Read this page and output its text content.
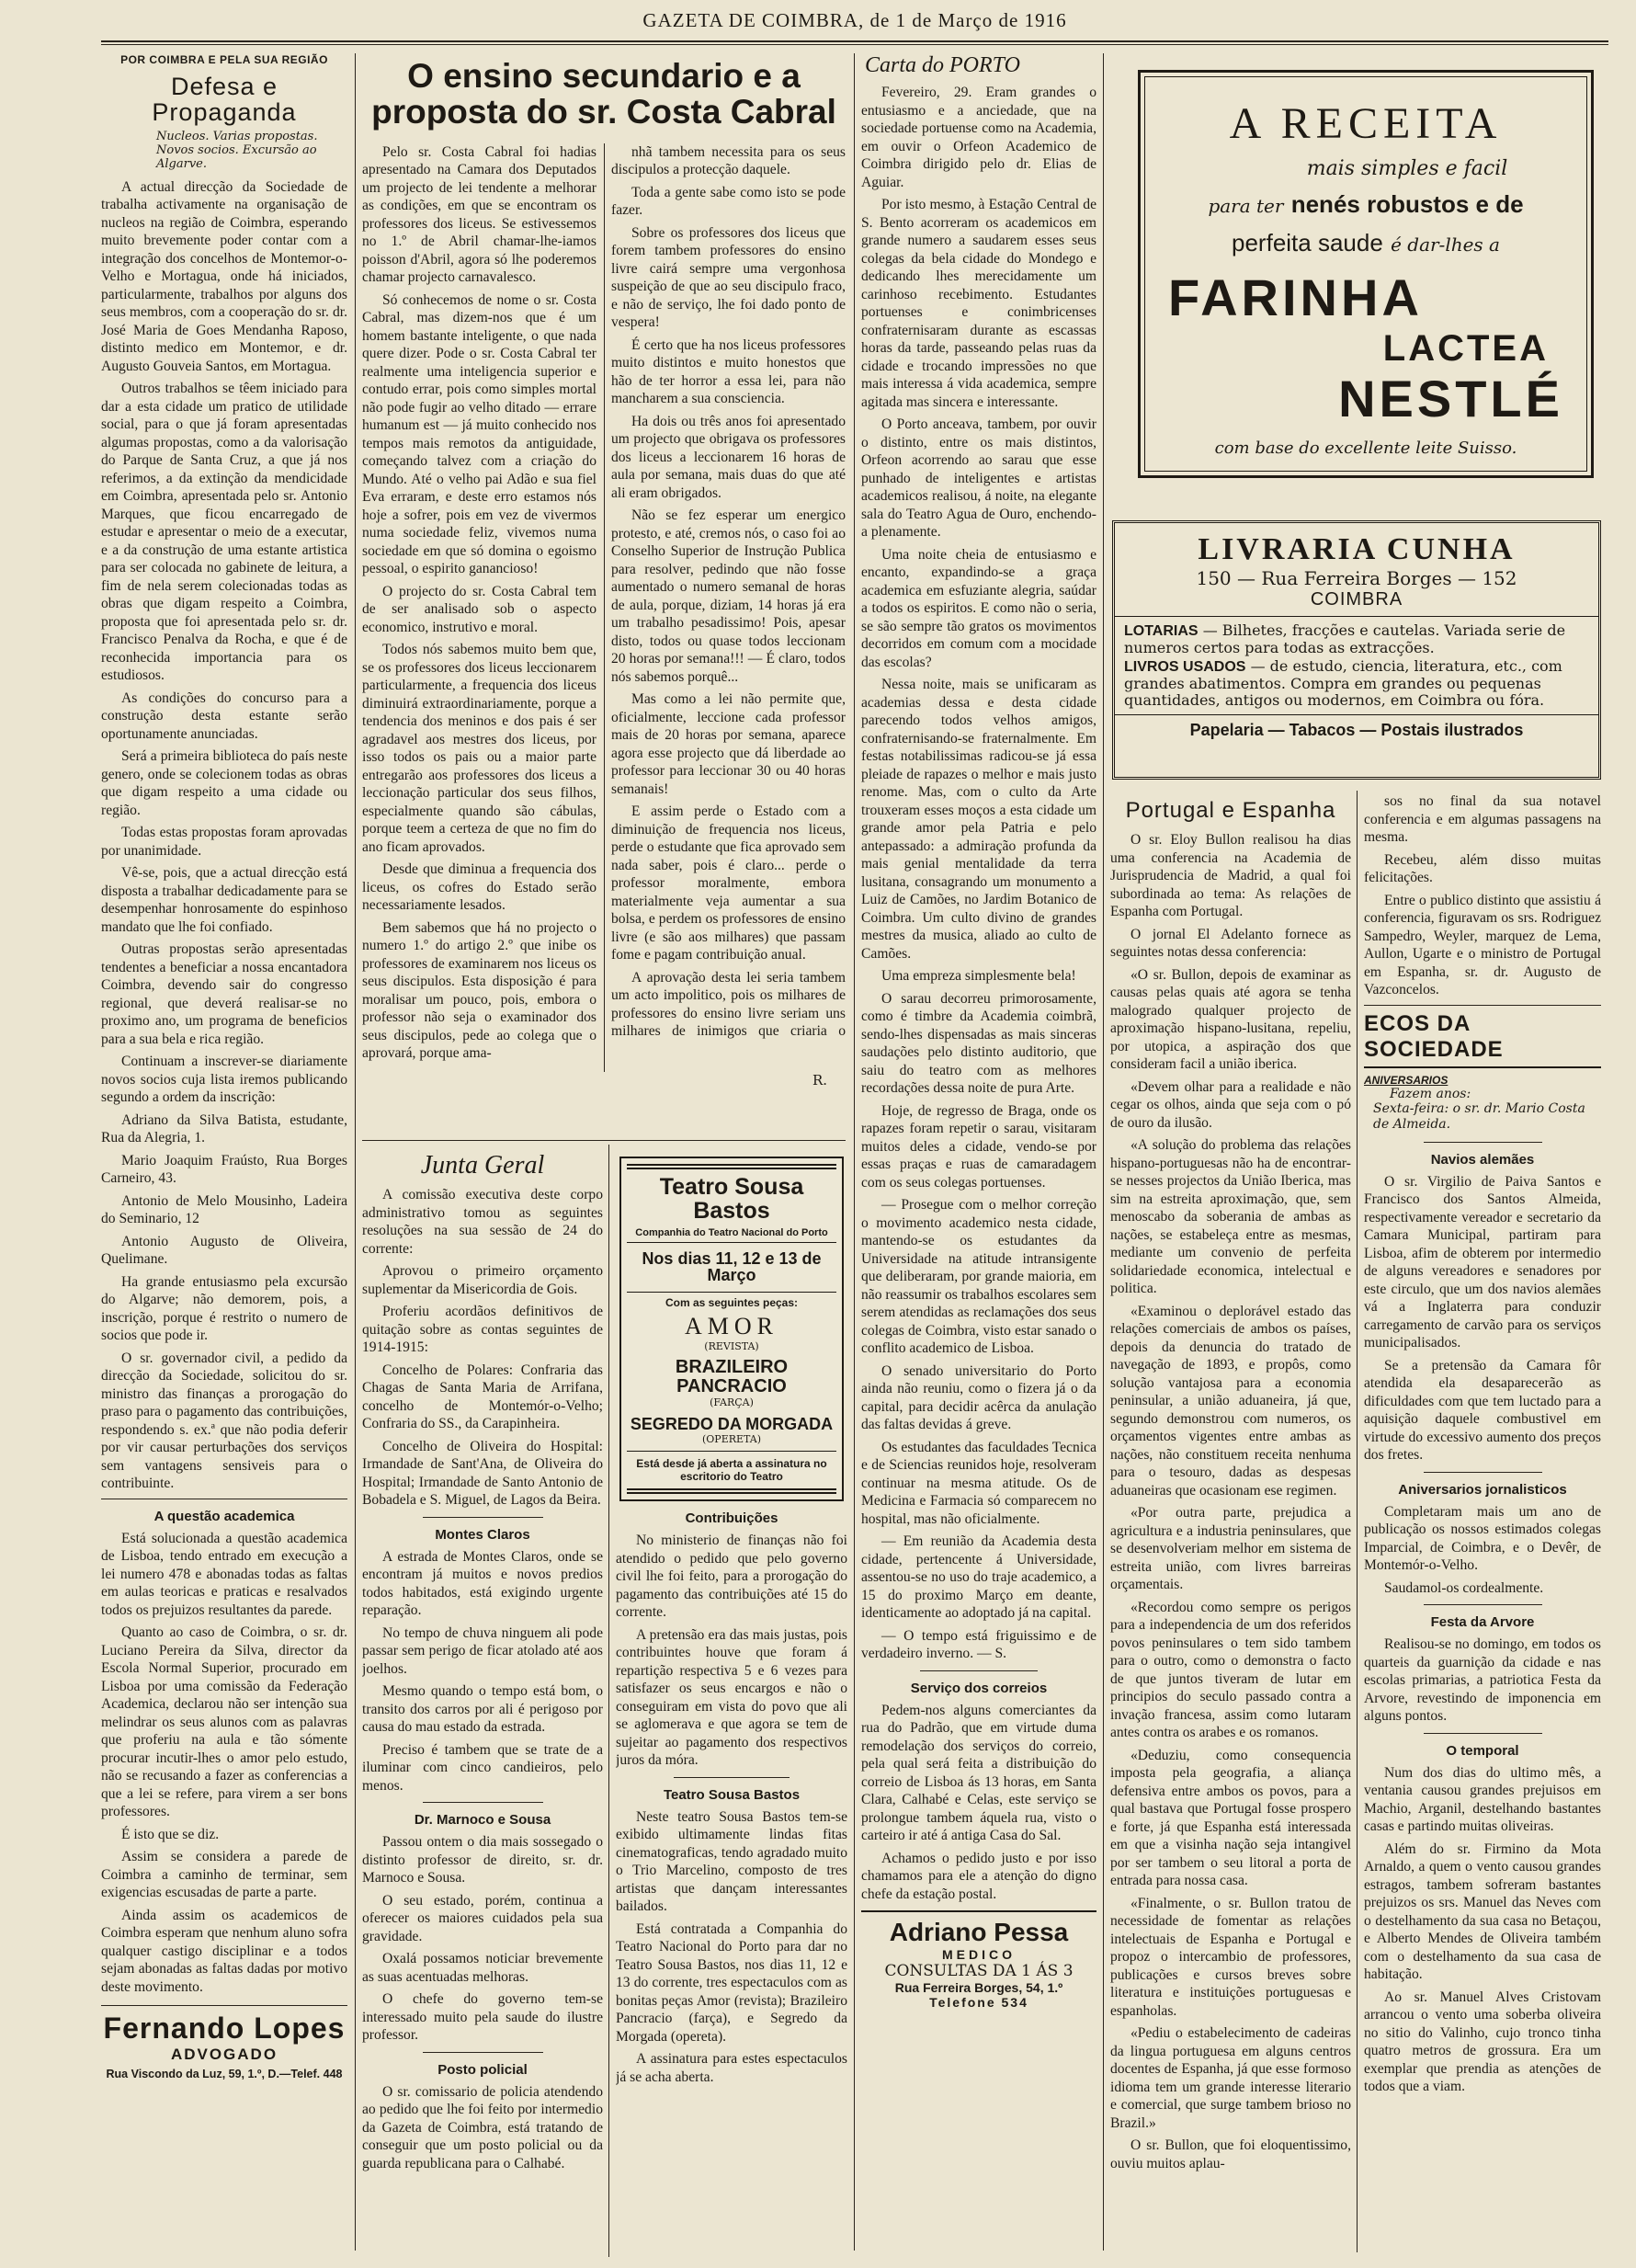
GAZETA DE COIMBRA, de 1 de Março de 1916
POR COIMBRA E PELA SUA REGIÃO
Defesa e Propaganda
Nucleos. Varias propostas. Novos socios. Excursão ao Algarve.

A actual direcção da Sociedade de trabalha activamente na organisação de nucleos na região de Coimbra, esperando muito brevemente poder contar com a integração dos concelhos de Montemor-o-Velho e Mortagua, onde há iniciados, particularmente, trabalhos por alguns dos seus membros, com a cooperação do sr. dr. José Maria de Goes Mendanha Raposo, distinto medico em Montemor, e dr. Augusto Gouveia Santos, em Mortagua.

Outros trabalhos se têem iniciado para dar a esta cidade um pratico de utilidade social, para o que já foram apresentadas algumas propostas, como a da valorisação do Parque de Santa Cruz, a que já nos referimos, a da extinção da mendicidade em Coimbra, apresentada pelo sr. Antonio Marques, que ficou encarregado de estudar e apresentar o meio de a executar, e a da construção de uma estante artistica para ser colocada no gabinete de leitura, a fim de nela serem colecionadas todas as obras que digam respeito a Coimbra, proposta que foi apresentada pelo sr. dr. Francisco Penalva da Rocha, e que é de reconhecida importancia para os estudiosos.

As condições do concurso para a construção desta estante serão oportunamente anunciadas.

Será a primeira biblioteca do país neste genero, onde se colecionem todas as obras que digam respeito a uma cidade ou região.

Todas estas propostas foram aprovadas por unanimidade.

Vê-se, pois, que a actual direcção está disposta a trabalhar dedicadamente para se desempenhar honrosamente do espinhoso mandato que lhe foi confiado.

Outras propostas serão apresentadas tendentes a beneficiar a nossa encantadora Coimbra, devendo sair do congresso regional, que deverá realisar-se no proximo ano, um programa de beneficios para a sua bela e rica região.

Continuam a inscrever-se diariamente novos socios cuja lista iremos publicando segundo a ordem da inscrição:

Adriano da Silva Batista, estudante, Rua da Alegria, 1.

Mario Joaquim Fraústo, Rua Borges Carneiro, 43.

Antonio de Melo Mousinho, Ladeira do Seminario, 12

Antonio Augusto de Oliveira, Quelimane.

Ha grande entusiasmo pela excursão do Algarve; não demorem, pois, a inscrição, porque é restrito o numero de socios que pode ir.

O sr. governador civil, a pedido da direcção da Sociedade, solicitou do sr. ministro das finanças a prorogação do praso para o pagamento das contribuições, respondendo s. ex.ª que não podia deferir por vir causar perturbações dos serviços sem vantagens sensiveis para o contribuinte.

A questão academica

Está solucionada a questão academica de Lisboa, tendo entrado em execução a lei numero 478 e abonadas todas as faltas em aulas teoricas e praticas e resalvados todos os prejuizos resultantes da parede.

Quanto ao caso de Coimbra, o sr. dr. Luciano Pereira da Silva, director da Escola Normal Superior, procurado em Lisboa por uma comissão da Federação Academica, declarou não ser intenção sua melindrar os seus alunos com as palavras que proferiu na aula e tão sómente procurar incutir-lhes o amor pelo estudo, não se recusando a fazer as conferencias a que a lei se refere, para virem a ser bons professores.

É isto que se diz.

Assim se considera a parede de Coimbra a caminho de terminar, sem exigencias escusadas de parte a parte.

Ainda assim os academicos de Coimbra esperam que nenhum aluno sofra qualquer castigo disciplinar e a todos sejam abonadas as faltas dadas por motivo deste movimento.

Fernando Lopes
ADVOGADO
Rua Viscondo da Luz, 59, 1.º, D.—Telef. 448
O ensino secundario e a proposta do sr. Costa Cabral

Pelo sr. Costa Cabral foi hadias apresentado na Camara dos Deputados um projecto de lei tendente a melhorar as condições, em que se encontram os professores dos liceus. Se estivessemos no 1.º de Abril chamar-lhe-iamos poisson d'Abril, agora só lhe poderemos chamar projecto carnavalesco.

Só conhecemos de nome o sr. Costa Cabral, mas dizem-nos que é um homem bastante inteligente, o que nada quere dizer. Pode o sr. Costa Cabral ter realmente uma inteligencia superior e contudo errar, pois como simples mortal não pode fugir ao velho ditado — errare humanum est — já muito conhecido nos tempos mais remotos da antiguidade, começando talvez com a criação do Mundo. Até o velho pai Adão e sua fiel Eva erraram, e deste erro estamos nós hoje a sofrer, pois em vez de vivermos numa sociedade feliz, vivemos numa sociedade em que só domina o egoismo pessoal, o espirito ganancioso!

O projecto do sr. Costa Cabral tem de ser analisado sob o aspecto economico, instrutivo e moral.

Todos nós sabemos muito bem que, se os professores dos liceus leccionarem particularmente, a frequencia dos liceus diminuirá extraordinariamente, porque a tendencia dos meninos e dos pais é ser agradavel aos mestres dos liceus, por isso todos os pais ou a maior parte entregarão aos professores dos liceus a leccionação particular dos seus filhos, especialmente quando são cábulas, porque teem a certeza de que no fim do ano ficam aprovados.

Desde que diminua a frequencia dos liceus, os cofres do Estado serão necessariamente lesados.

Bem sabemos que há no projecto o numero 1.º do artigo 2.º que inibe os professores de examinarem nos liceus os seus discipulos. Esta disposição é para moralisar um pouco, pois, embora o professor não seja o examinador dos seus discipulos, pede ao colega que o aprovará, porque ama-

nhã tambem necessita para os seus discipulos a protecção daquele.

Toda a gente sabe como isto se pode fazer.

Sobre os professores dos liceus que forem tambem professores do ensino livre cairá sempre uma vergonhosa suspeição de que ao seu discipulo fraco, e não de serviço, lhe foi dado ponto de vespera!

É certo que ha nos liceus professores muito distintos e muito honestos que hão de ter horror a essa lei, para não mancharem a sua consciencia.

Ha dois ou três anos foi apresentado um projecto que obrigava os professores dos liceus a leccionarem 16 horas de aula por semana, mais duas do que até ali eram obrigados.

Não se fez esperar um energico protesto, e até, cremos nós, o caso foi ao Conselho Superior de Instrução Publica para resolver, pedindo que não fosse aumentado o numero semanal de horas de aula, porque, diziam, 14 horas já era um trabalho pesadissimo! Pois, apesar disto, todos ou quase todos leccionam 20 horas por semana!!! — É claro, todos nós sabemos porquê...

Mas como a lei não permite que, oficialmente, leccione cada professor mais de 20 horas por semana, aparece agora esse projecto que dá liberdade ao professor para leccionar 30 ou 40 horas semanais!

E assim perde o Estado com a diminuição de frequencia nos liceus, perde o estudante que fica aprovado sem nada saber, pois é claro... perde o professor moralmente, embora materialmente veja aumentar a sua bolsa, e perdem os professores de ensino livre (e são aos milhares) que passam fome e pagam contribuição anual.

A aprovação desta lei seria tambem um acto impolitico, pois os milhares de professores do ensino livre seriam uns milhares de inimigos que criaria o

R.
Junta Geral

A comissão executiva deste corpo administrativo tomou as seguintes resoluções na sua sessão de 24 do corrente:

Aprovou o primeiro orçamento suplementar da Misericordia de Gois.

Proferiu acordãos definitivos de quitação sobre as contas seguintes de 1914-1915:

Concelho de Polares: Confraria das Chagas de Santa Maria de Arrifana, concelho de Montemór-o-Velho; Confraria do SS., da Carapinheira.

Concelho de Oliveira do Hospital: Irmandade de Sant'Ana, de Oliveira do Hospital; Irmandade de Santo Antonio de Bobadela e S. Miguel, de Lagos da Beira.

Montes Claros

A estrada de Montes Claros, onde se encontram já muitos e novos predios todos habitados, está exigindo urgente reparação.

No tempo de chuva ninguem ali pode passar sem perigo de ficar atolado até aos joelhos.

Mesmo quando o tempo está bom, o transito dos carros por ali é perigoso por causa do mau estado da estrada.

Preciso é tambem que se trate de a iluminar com cinco candieiros, pelo menos.

Dr. Marnoco e Sousa

Passou ontem o dia mais sossegado o distinto professor de direito, sr. dr. Marnoco e Sousa.

O seu estado, porém, continua a oferecer os maiores cuidados pela sua gravidade.

Oxalá possamos noticiar brevemente as suas acentuadas melhoras.

O chefe do governo tem-se interessado muito pela saude do ilustre professor.

Posto policial

O sr. comissario de policia atendendo ao pedido que lhe foi feito por intermedio da Gazeta de Coimbra, está tratando de conseguir que um posto policial ou da guarda republicana para o Calhabé.

Teatro Sousa Bastos
Companhia do Teatro Nacional do Porto
Nos dias 11, 12 e 13 de Março
Com as seguintes peças:
AMOR
(REVISTA)
BRAZILEIRO PANCRACIO
(FARÇA)
SEGREDO DA MORGADA
(OPERETA)
Está desde já aberta a assinatura no escritorio do Teatro
Contribuições

No ministerio de finanças não foi atendido o pedido que pelo governo civil lhe foi feito, para a prorogação do pagamento das contribuições até 15 do corrente.

A pretensão era das mais justas, pois contribuintes houve que foram á repartição respectiva 5 e 6 vezes para satisfazer os seus encargos e não o conseguiram em vista do povo que ali se aglomerava e que agora se tem de sujeitar ao pagamento dos respectivos juros da móra.

Teatro Sousa Bastos

Neste teatro Sousa Bastos tem-se exibido ultimamente lindas fitas cinematograficas, tendo agradado muito o Trio Marcelino, composto de tres artistas que dançam interessantes bailados.

Está contratada a Companhia do Teatro Nacional do Porto para dar no Teatro Sousa Bastos, nos dias 11, 12 e 13 do corrente, tres espectaculos com as bonitas peças Amor (revista); Brazileiro Pancracio (farça), e Segredo da Morgada (opereta).

A assinatura para estes espectaculos já se acha aberta.

Carta do PORTO

Fevereiro, 29. Eram grandes o entusiasmo e a anciedade, que na sociedade portuense como na Academia, em ouvir o Orfeon Academico de Coimbra dirigido pelo dr. Elias de Aguiar.

Por isto mesmo, à Estação Central de S. Bento acorreram os academicos em grande numero a saudarem esses seus colegas da bela cidade do Mondego e dedicando lhes merecidamente um carinhoso recebimento. Estudantes portuenses e conimbricenses confraternisaram durante as escassas horas da tarde, passeando pelas ruas da cidade e trocando impressões no que mais interessa á vida academica, sempre agitada mas sincera e interessante.

O Porto anceava, tambem, por ouvir o distinto, entre os mais distintos, Orfeon acorrendo ao sarau que esse punhado de inteligentes e artistas academicos realisou, á noite, na elegante sala do Teatro Agua de Ouro, enchendo-a plenamente.

Uma noite cheia de entusiasmo e encanto, expandindo-se a graça academica em esfuziante alegria, saúdar a todos os espiritos. E como não o seria, se são sempre tão gratos os movimentos decorridos em comum com a mocidade das escolas?

Nessa noite, mais se unificaram as academias dessa e desta cidade parecendo todos velhos amigos, confraternisando-se fraternalmente. Em festas notabilissimas radicou-se já essa pleiade de rapazes o melhor e mais justo renome. Mas, com o culto da Arte trouxeram esses moços a esta cidade um grande amor pela Patria e pelo antepassado: a admiração profunda da mais genial mentalidade da terra lusitana, consagrando um monumento a Luiz de Camões, no Jardim Botanico de Coimbra. Um culto divino de grandes mestres da musica, aliado ao culto de Camões.

Uma empreza simplesmente bela!

O sarau decorreu primorosamente, como é timbre da Academia coimbrã, sendo-lhes dispensadas as mais sinceras saudações pelo distinto auditorio, que saiu do teatro com as melhores recordações dessa noite de pura Arte.

Hoje, de regresso de Braga, onde os rapazes foram repetir o sarau, visitaram muitos deles a cidade, vendo-se por essas praças e ruas de camaradagem com os seus colegas portuenses.

— Prosegue com o melhor correção o movimento academico nesta cidade, mantendo-se os estudantes da Universidade na atitude intransigente que deliberaram, por grande maioria, em não reassumir os trabalhos escolares sem serem atendidas as reclamações dos seus colegas de Coimbra, visto estar sanado o conflito academico de Lisboa.

O senado universitario do Porto ainda não reuniu, como o fizera já o da capital, para decidir acêrca da anulação das faltas devidas á greve.

Os estudantes das faculdades Tecnica e de Sciencias reunidos hoje, resolveram continuar na mesma atitude. Os de Medicina e Farmacia só comparecem no hospital, mas não oficialmente.

— Em reunião da Academia desta cidade, pertencente á Universidade, assentou-se no uso do traje academico, a 15 do proximo Março em deante, identicamente ao adoptado já na capital.

— O tempo está friguissimo e de verdadeiro inverno. — S.

Serviço dos correios

Pedem-nos alguns comerciantes da rua do Padrão, que em virtude duma remodelação dos serviços do correio, pela qual será feita a distribuição do correio de Lisboa ás 13 horas, em Santa Clara, Calhabé e Celas, este serviço se prolongue tambem áquela rua, visto o carteiro ir até á antiga Casa do Sal.

Achamos o pedido justo e por isso chamamos para ele a atenção do digno chefe da estação postal.

Adriano Pessa
MEDICO
CONSULTAS DA 1 ÁS 3
Rua Ferreira Borges, 54, 1.º
Telefone 534
A RECEITA
mais simples e facil
para ter nenés robustos e de
perfeita saude é dar-lhes a
FARINHA
LACTEA
NESTLÉ
com base do excellente leite Suisso.
LIVRARIA CUNHA
150 — Rua Ferreira Borges — 152
COIMBRA
LOTARIAS — Bilhetes, fracções e cautelas. Variada serie de numeros certos para todas as extracções.
LIVROS USADOS — de estudo, ciencia, literatura, etc., com grandes abatimentos. Compra em grandes ou pequenas quantidades, antigos ou modernos, em Coimbra ou fóra.
Papelaria — Tabacos — Postais ilustrados
Portugal e Espanha

O sr. Eloy Bullon realisou ha dias uma conferencia na Academia de Jurisprudencia de Madrid, a qual foi subordinada ao tema: As relações de Espanha com Portugal.

O jornal El Adelanto fornece as seguintes notas dessa conferencia:

«O sr. Bullon, depois de examinar as causas pelas quais até agora se tenha malogrado qualquer projecto de aproximação hispano-lusitana, repeliu, por utopica, a aspiração dos que consideram facil a união iberica.

«Devem olhar para a realidade e não cegar os olhos, ainda que seja com o pó de ouro da ilusão.

«A solução do problema das relações hispano-portuguesas não ha de encontrar-se nesses projectos da União Iberica, mas sim na estreita aproximação, que, sem menoscabo da soberania de ambas as nações, se estabeleça entre as mesmas, mediante um convenio de perfeita solidariedade economica, intelectual e politica.

«Examinou o deplorável estado das relações comerciais de ambos os países, depois da denuncia do tratado de navegação de 1893, e propôs, como solução vantajosa para a economia peninsular, a união aduaneira, já que, segundo demonstrou com numeros, os orçamentos vigentes entre ambas as nações, não constituem receita nenhuma para o tesouro, dadas as despesas aduaneiras que ocasionam ese regimen.

«Por outra parte, prejudica a agricultura e a industria peninsulares, que se desenvolveriam melhor em sistema de estreita união, com livres barreiras orçamentais.

«Recordou como sempre os perigos para a independencia de um dos referidos povos peninsulares o tem sido tambem para o outro, como o demonstra o facto de que juntos tiveram de lutar em principios do seculo passado contra a invação francesa, assim como lutaram antes contra os arabes e os romanos.

«Deduziu, como consequencia imposta pela geografia, a aliança defensiva entre ambos os povos, para a qual bastava que Portugal fosse prospero e forte, já que Espanha está interessada em que a visinha nação seja intangivel por ser tambem o seu litoral a porta de entrada para nossa casa.

«Finalmente, o sr. Bullon tratou de necessidade de fomentar as relações intelectuais de Espanha e Portugal e propoz o intercambio de professores, publicações e cursos breves sobre literatura e instituições portuguesas e espanholas.

«Pediu o estabelecimento de cadeiras da lingua portuguesa em alguns centros docentes de Espanha, já que esse formoso idioma tem um grande interesse literario e comercial, que surge tambem brioso no Brazil.»

O sr. Bullon, que foi eloquentissimo, ouviu muitos aplau-

sos no final da sua notavel conferencia e em algumas passagens na mesma.

Recebeu, além disso muitas felicitações.

Entre o publico distinto que assistiu á conferencia, figuravam os srs. Rodriguez Sampedro, Weyler, marquez de Lema, Aullon, Ugarte e o ministro de Portugal em Espanha, sr. dr. Augusto de Vazconcelos.

ECOS DA SOCIEDADE
ANIVERSARIOS
Fazem anos:
Sexta-feira: o sr. dr. Mario Costa de Almeida.
Navios alemães

O sr. Virgilio de Paiva Santos e Francisco dos Santos Almeida, respectivamente vereador e secretario da Camara Municipal, partiram para Lisboa, afim de obterem por intermedio de alguns vereadores e senadores por este circulo, que um dos navios alemães vá a Inglaterra para conduzir carregamento de carvão para os serviços municipalisados.

Se a pretensão da Camara fôr atendida ela desaparecerão as dificuldades com que tem luctado para a aquisição daquele combustivel em virtude do excessivo aumento dos preços dos fretes.

Aniversarios jornalisticos

Completaram mais um ano de publicação os nossos estimados colegas Imparcial, de Coimbra, e o Devêr, de Montemór-o-Velho.

Saudamol-os cordealmente.

Festa da Arvore

Realisou-se no domingo, em todos os quarteis da guarnição da cidade e nas escolas primarias, a patriotica Festa da Arvore, revestindo de imponencia em alguns pontos.

O temporal

Num dos dias do ultimo mês, a ventania causou grandes prejuisos em Machio, Arganil, destelhando bastantes casas e partindo muitas oliveiras.

Além do sr. Firmino da Mota Arnaldo, a quem o vento causou grandes estragos, tambem sofreram bastantes prejuizos os srs. Manuel das Neves com o destelhamento da sua casa no Betaçou, e Alberto Mendes de Oliveira também com o destelhamento da sua casa de habitação.

Ao sr. Manuel Alves Cristovam arrancou o vento uma soberba oliveira no sitio do Valinho, cujo tronco tinha quatro metros de grossura. Era um exemplar que prendia as atenções de todos que a viam.
